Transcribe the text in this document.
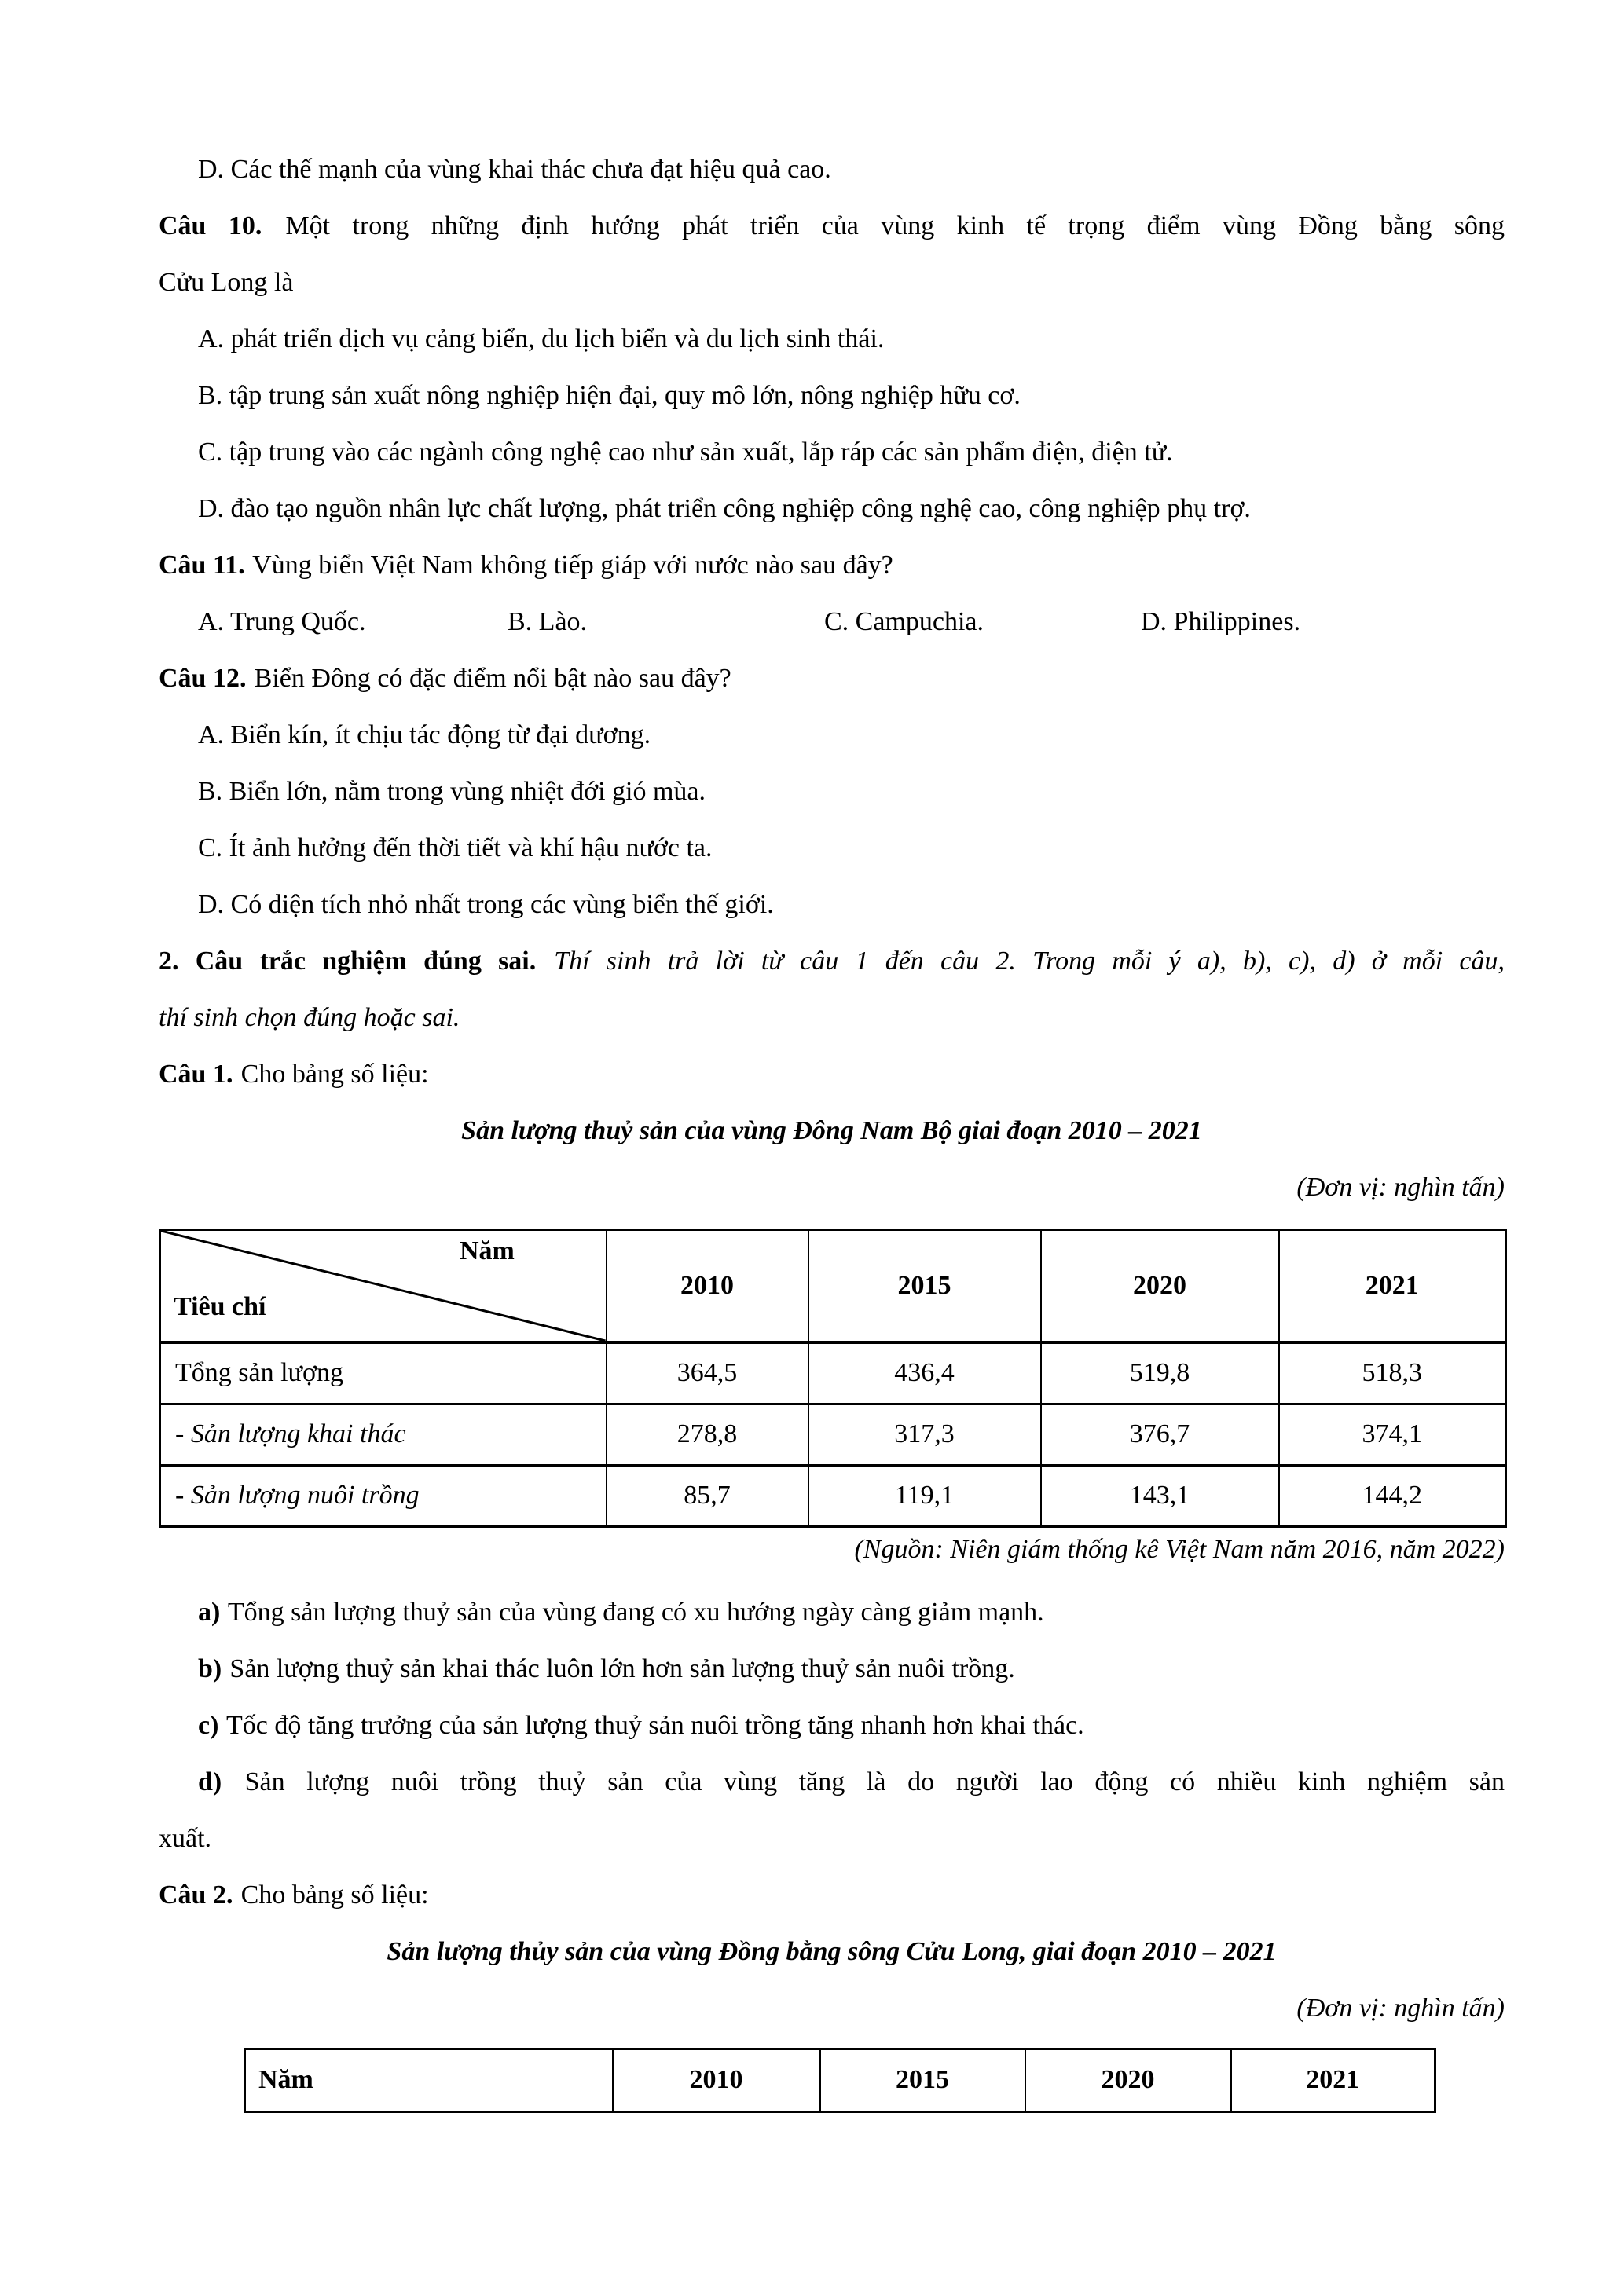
D. Các thế mạnh của vùng khai thác chưa đạt hiệu quả cao.
Câu 10. Một trong những định hướng phát triển của vùng kinh tế trọng điểm vùng Đồng bằng sông
Cửu Long là
A. phát triển dịch vụ cảng biển, du lịch biển và du lịch sinh thái.
B. tập trung sản xuất nông nghiệp hiện đại, quy mô lớn, nông nghiệp hữu cơ.
C. tập trung vào các ngành công nghệ cao như sản xuất, lắp ráp các sản phẩm điện, điện tử.
D. đào tạo nguồn nhân lực chất lượng, phát triển công nghiệp công nghệ cao, công nghiệp phụ trợ.
Câu 11. Vùng biển Việt Nam không tiếp giáp với nước nào sau đây?
A. Trung Quốc.	B. Lào.	C. Campuchia.	D. Philippines.
Câu 12. Biển Đông có đặc điểm nổi bật nào sau đây?
A. Biển kín, ít chịu tác động từ đại dương.
B. Biển lớn, nằm trong vùng nhiệt đới gió mùa.
C. Ít ảnh hưởng đến thời tiết và khí hậu nước ta.
D. Có diện tích nhỏ nhất trong các vùng biển thế giới.
2. Câu trắc nghiệm đúng sai. Thí sinh trả lời từ câu 1 đến câu 2. Trong mỗi ý a), b), c), d) ở mỗi câu,
thí sinh chọn đúng hoặc sai.
Câu 1. Cho bảng số liệu:
Sản lượng thuỷ sản của vùng Đông Nam Bộ giai đoạn 2010 – 2021
(Đơn vị: nghìn tấn)
Năm
Tiêu chí	2010	2015	2020	2021
Tổng sản lượng	364,5	436,4	519,8	518,3
- Sản lượng khai thác	278,8	317,3	376,7	374,1
- Sản lượng nuôi trồng	85,7	119,1	143,1	144,2
(Nguồn: Niên giám thống kê Việt Nam năm 2016, năm 2022)
a) Tổng sản lượng thuỷ sản của vùng đang có xu hướng ngày càng giảm mạnh.
b) Sản lượng thuỷ sản khai thác luôn lớn hơn sản lượng thuỷ sản nuôi trồng.
c) Tốc độ tăng trưởng của sản lượng thuỷ sản nuôi trồng tăng nhanh hơn khai thác.
d) Sản lượng nuôi trồng thuỷ sản của vùng tăng là do người lao động có nhiều kinh nghiệm sản
xuất.
Câu 2. Cho bảng số liệu:
Sản lượng thủy sản của vùng Đồng bằng sông Cửu Long, giai đoạn 2010 – 2021
(Đơn vị: nghìn tấn)
Năm	2010	2015	2020	2021
